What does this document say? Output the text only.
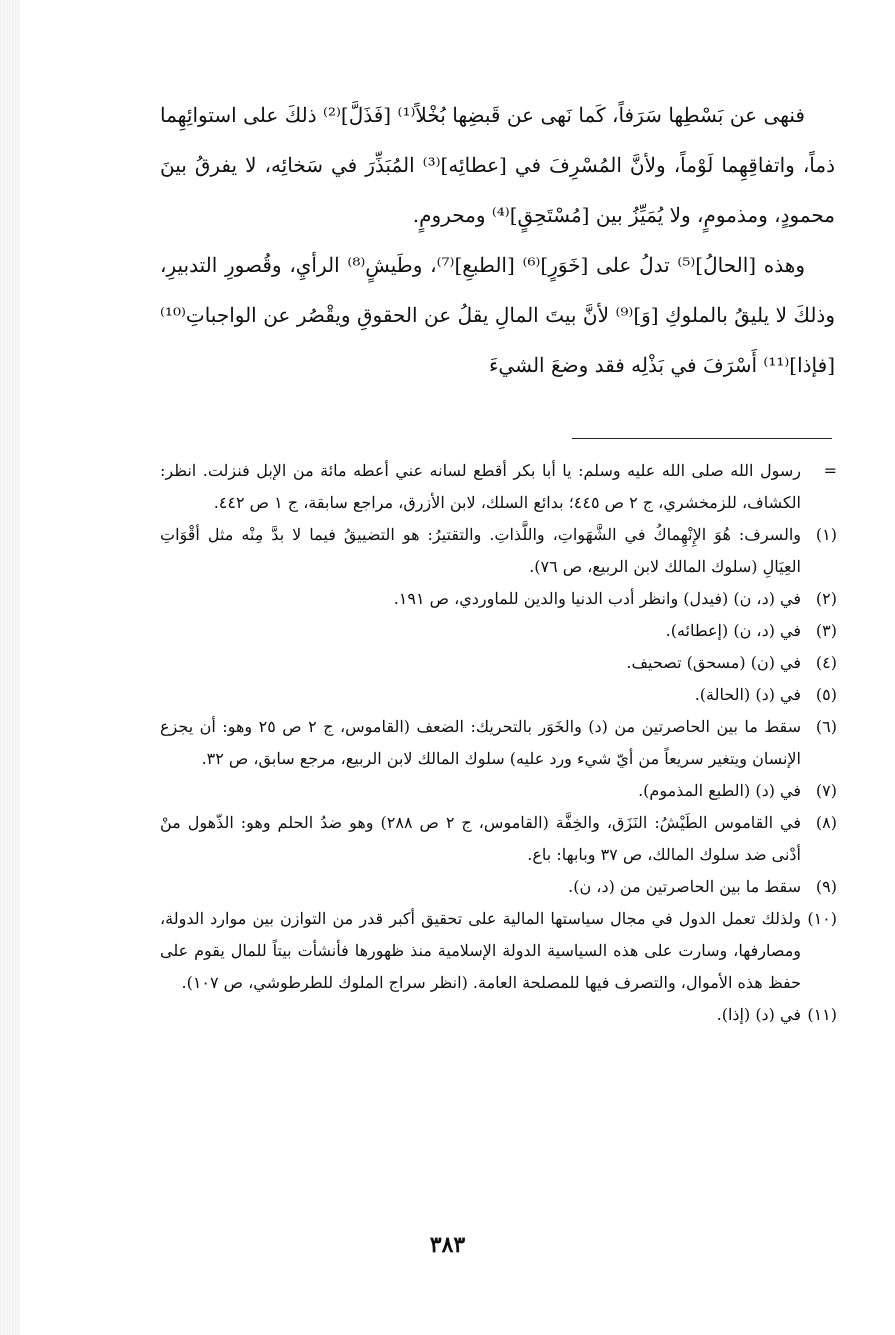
فنهى عن بَسْطِها سَرَفاً، كَما نَهى عن قَبضِها بُخْلاً⁽¹⁾ [فَذَلَّ]⁽²⁾ ذلكَ على استوائِهِما ذماً، واتفاقِهِما لَوْماً، ولأنَّ المُسْرِفَ في [عطائِه]⁽³⁾ المُبَذِّرَ في سَخائِه، لا يفرقُ بينَ محمودٍ، ومذمومٍ، ولا يُمَيِّزُ بين [مُسْتَحِقٍ]⁽⁴⁾ ومحرومٍ.

وهذه [الحالُ]⁽⁵⁾ تدلُ على [خَوَرٍ]⁽⁶⁾ [الطبعِ]⁽⁷⁾، وطَيشٍ⁽⁸⁾ الرأيِ، وقُصورِ التدبيرِ، وذلكَ لا يليقُ بالملوكِ [وَ]⁽⁹⁾ لأنَّ بيتَ المالِ يقلُ عن الحقوقِ ويقْصُر عن الواجباتِ⁽¹⁰⁾ [فإذا]⁽¹¹⁾ أَسْرَفَ في بَذْلِه فقد وضعَ الشيءَ

=
رسول الله صلى الله عليه وسلم: يا أبا بكر أقطع لسانه عني أعطه مائة من الإبل فنزلت. انظر: الكشاف، للزمخشري، ج ٢ ص ٤٤٥؛ بدائع السلك، لابن الأزرق، مراجع سابقة، ج ١ ص ٤٤٢.
(١)
والسرف: هُوَ الإِنْهِماكُ في الشَّهَواتِ، واللَّذاتِ. والتقتيرُ: هو التضييقُ فيما لا بدَّ مِنْه مثل أقْوَاتِ العِيَالِ (سلوك المالك لابن الربيع، ص ٧٦).
(٢)
في (د، ن) (فيدل) وانظر أدب الدنيا والدين للماوردي، ص ١٩١.
(٣)
في (د، ن) (إعطائه).
(٤)
في (ن) (مسحق) تصحيف.
(٥)
في (د) (الحالة).
(٦)
سقط ما بين الحاصرتين من (د) والخَوَر بالتحريك: الضعف (القاموس، ج ٢ ص ٢٥ وهو: أن يجزع الإنسان ويتغير سريعاً من أيّ شيء ورد عليه) سلوك المالك لابن الربيع، مرجع سابق، ص ٣٢.
(٧)
في (د) (الطبع المذموم).
(٨)
في القاموس الطَيْشُ: النَزَق، والخِفَّة (القاموس، ج ٢ ص ٢٨٨) وهو ضدُ الحلم وهو: الذّهول منْ أدْنى ضد سلوك المالك، ص ٣٧ وبابها: باع.
(٩)
سقط ما بين الحاصرتين من (د، ن).
(١٠)
ولذلك تعمل الدول في مجال سياستها المالية على تحقيق أكبر قدر من التوازن بين موارد الدولة، ومصارفها، وسارت على هذه السياسية الدولة الإسلامية منذ ظهورها فأنشأت بيتاً للمال يقوم على حفظ هذه الأموال، والتصرف فيها للمصلحة العامة. (انظر سراج الملوك للطرطوشي، ص ١٠٧).
(١١)
في (د) (إذا).
٣٨٣
